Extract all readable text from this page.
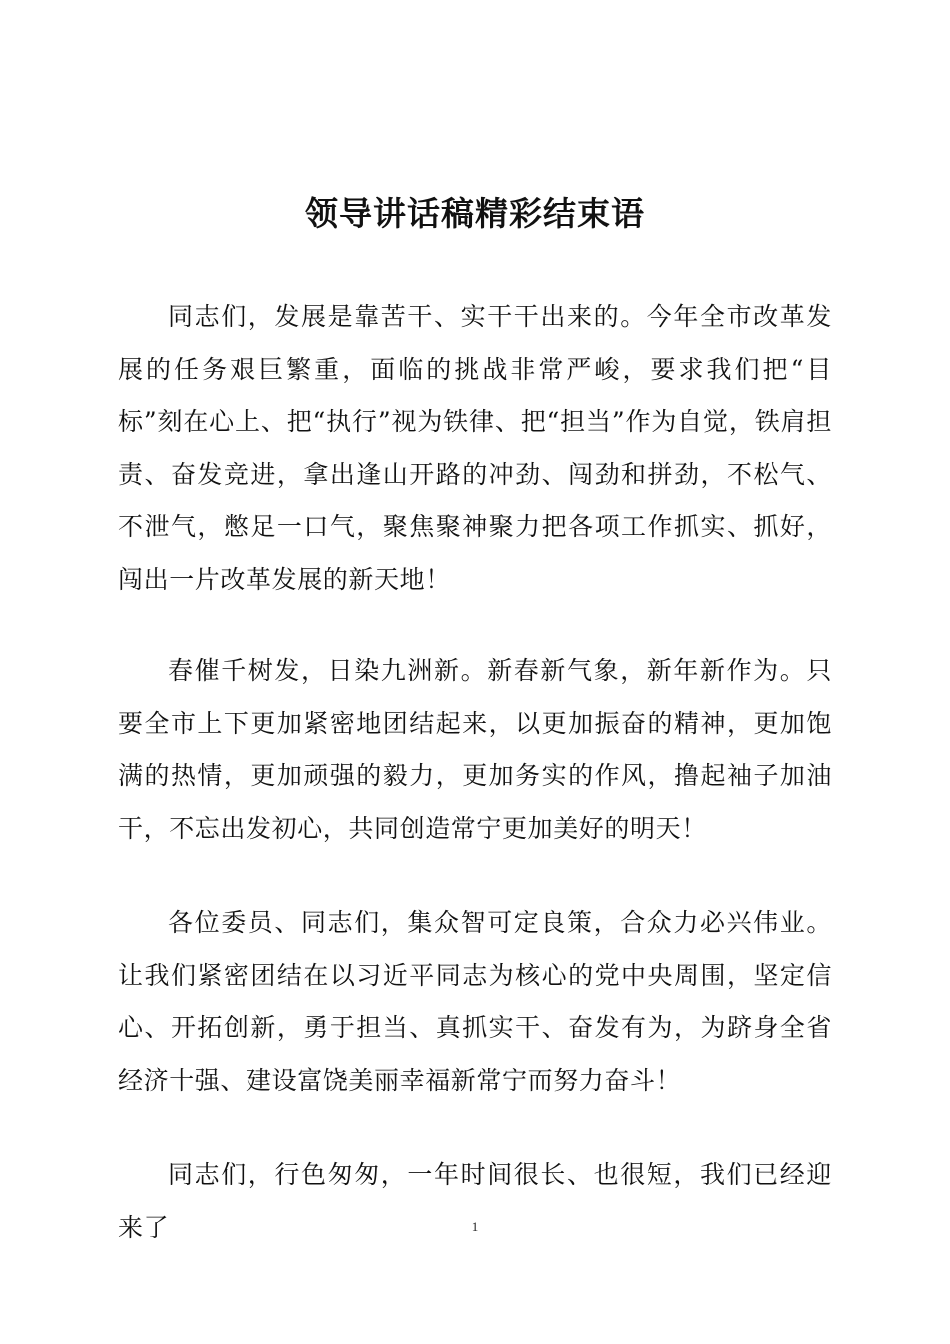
领导讲话稿精彩结束语

同志们，发展是靠苦干、实干干出来的。今年全市改革发展的任务艰巨繁重，面临的挑战非常严峻，要求我们把“目标”刻在心上、把“执行”视为铁律、把“担当”作为自觉，铁肩担责、奋发竞进，拿出逢山开路的冲劲、闯劲和拼劲，不松气、不泄气，憋足一口气，聚焦聚神聚力把各项工作抓实、抓好，闯出一片改革发展的新天地！

春催千树发，日染九洲新。新春新气象，新年新作为。只要全市上下更加紧密地团结起来，以更加振奋的精神，更加饱满的热情，更加顽强的毅力，更加务实的作风，撸起袖子加油干，不忘出发初心，共同创造常宁更加美好的明天！

各位委员、同志们，集众智可定良策，合众力必兴伟业。让我们紧密团结在以习近平同志为核心的党中央周围，坚定信心、开拓创新，勇于担当、真抓实干、奋发有为，为跻身全省经济十强、建设富饶美丽幸福新常宁而努力奋斗！

同志们，行色匆匆，一年时间很长、也很短，我们已经迎来了	1
